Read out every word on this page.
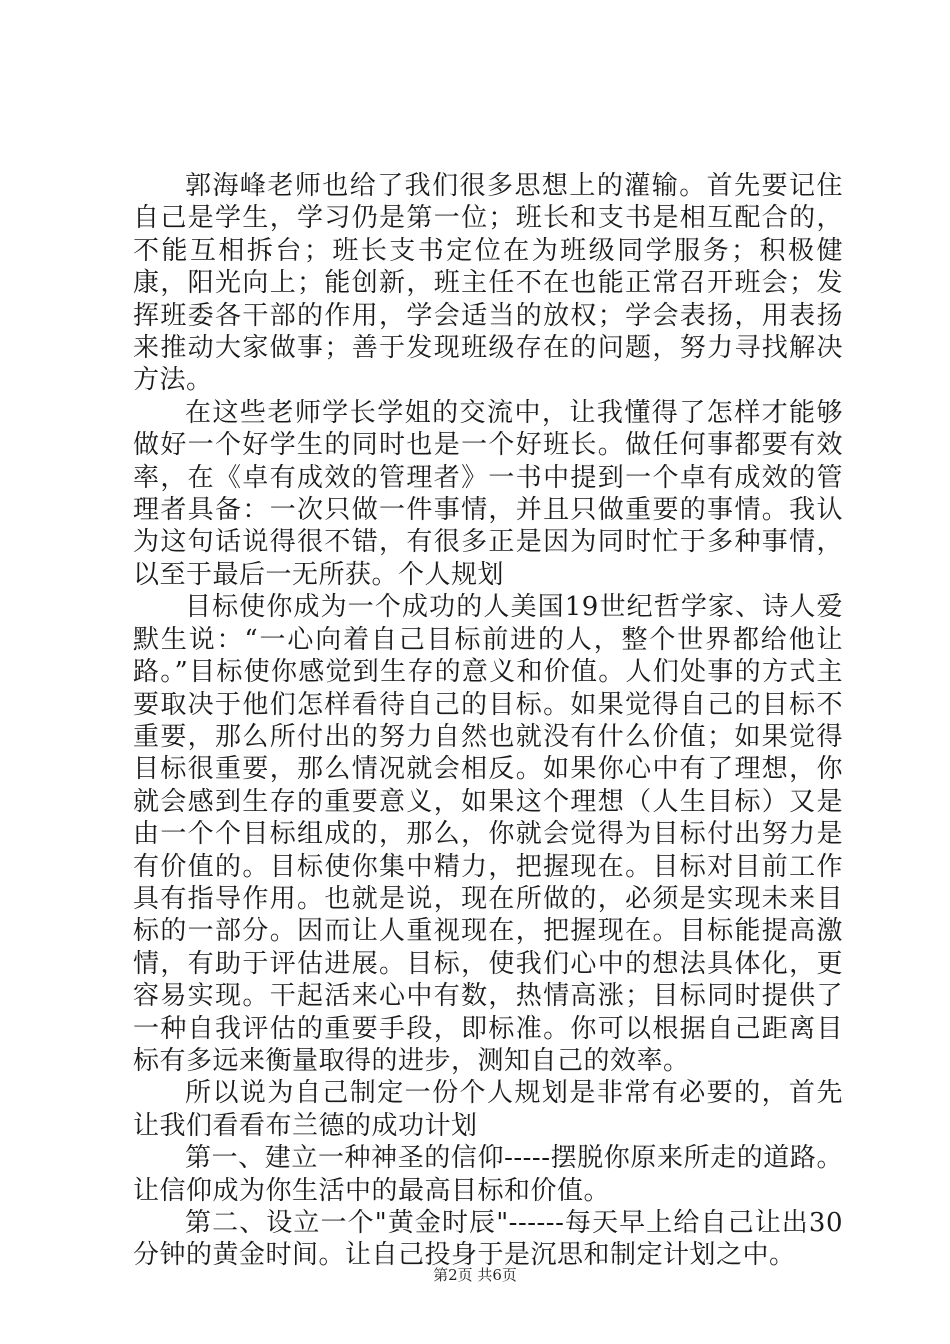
郭海峰老师也给了我们很多思想上的灌输。首先要记住自己是学生，学习仍是第一位；班长和支书是相互配合的，不能互相拆台；班长支书定位在为班级同学服务；积极健康，阳光向上；能创新，班主任不在也能正常召开班会；发挥班委各干部的作用，学会适当的放权；学会表扬，用表扬来推动大家做事；善于发现班级存在的问题，努力寻找解决方法。

在这些老师学长学姐的交流中，让我懂得了怎样才能够做好一个好学生的同时也是一个好班长。做任何事都要有效率，在《卓有成效的管理者》一书中提到一个卓有成效的管理者具备：一次只做一件事情，并且只做重要的事情。我认为这句话说得很不错，有很多正是因为同时忙于多种事情，以至于最后一无所获。个人规划

目标使你成为一个成功的人美国19世纪哲学家、诗人爱默生说：“一心向着自己目标前进的人，整个世界都给他让路。”目标使你感觉到生存的意义和价值。人们处事的方式主要取决于他们怎样看待自己的目标。如果觉得自己的目标不重要，那么所付出的努力自然也就没有什么价值；如果觉得目标很重要，那么情况就会相反。如果你心中有了理想，你就会感到生存的重要意义，如果这个理想（人生目标）又是由一个个目标组成的，那么，你就会觉得为目标付出努力是有价值的。目标使你集中精力，把握现在。目标对目前工作具有指导作用。也就是说，现在所做的，必须是实现未来目标的一部分。因而让人重视现在，把握现在。目标能提高激情，有助于评估进展。目标，使我们心中的想法具体化，更容易实现。干起活来心中有数，热情高涨；目标同时提供了一种自我评估的重要手段，即标准。你可以根据自己距离目标有多远来衡量取得的进步，测知自己的效率。

所以说为自己制定一份个人规划是非常有必要的，首先让我们看看布兰德的成功计划

第一、建立一种神圣的信仰-----摆脱你原来所走的道路。让信仰成为你生活中的最高目标和价值。

第二、设立一个"黄金时辰"------每天早上给自己让出30分钟的黄金时间。让自己投身于是沉思和制定计划之中。

第2页 共6页
